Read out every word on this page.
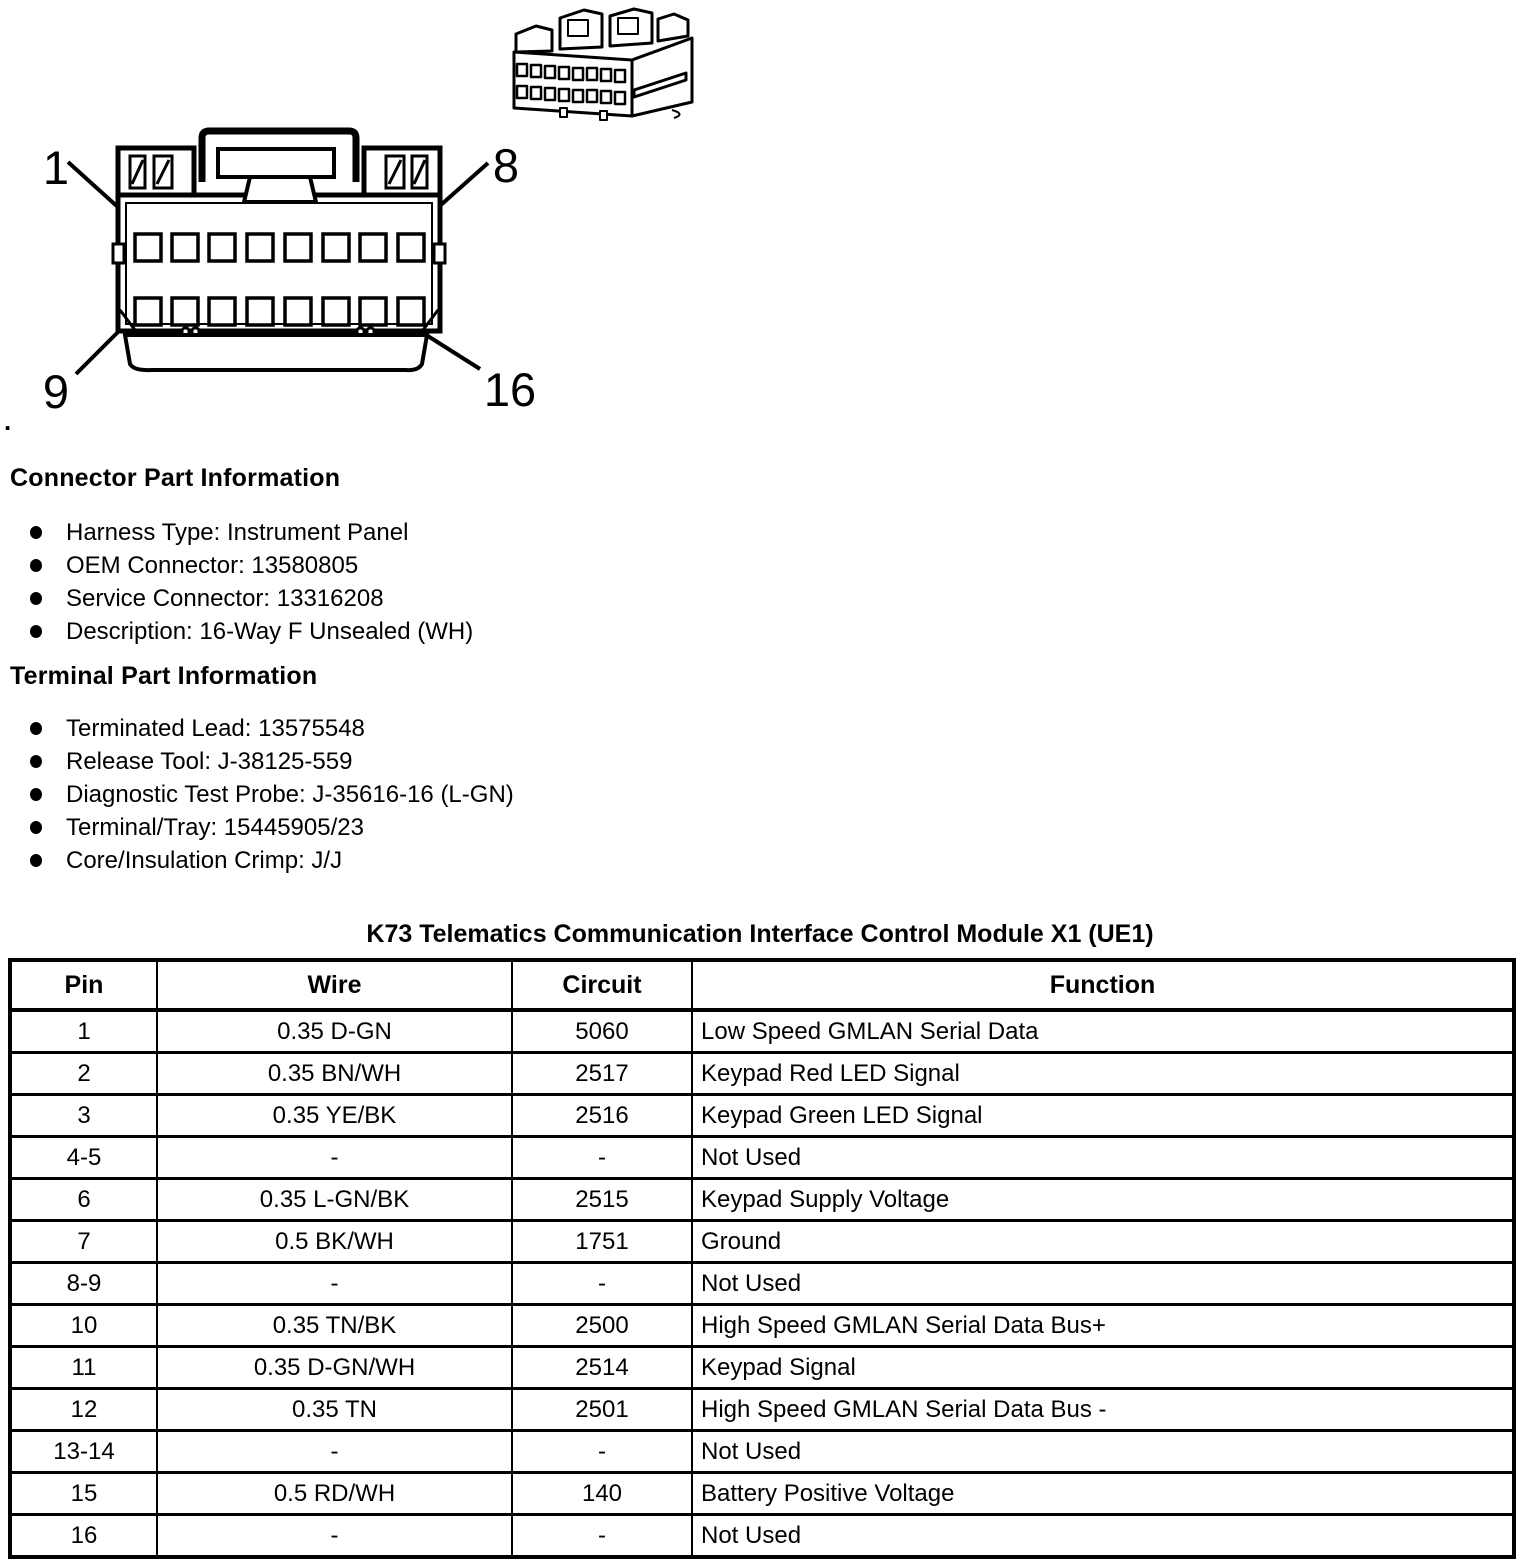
1	8
9	16
.
Connector Part Information
Harness Type: Instrument Panel
OEM Connector: 13580805
Service Connector: 13316208
Description: 16-Way F Unsealed (WH)
Terminal Part Information
Terminated Lead: 13575548
Release Tool: J-38125-559
Diagnostic Test Probe: J-35616-16 (L-GN)
Terminal/Tray: 15445905/23
Core/Insulation Crimp: J/J
K73 Telematics Communication Interface Control Module X1 (UE1)
Pin	Wire	Circuit	Function
1	0.35 D-GN	5060	Low Speed GMLAN Serial Data
2	0.35 BN/WH	2517	Keypad Red LED Signal
3	0.35 YE/BK	2516	Keypad Green LED Signal
4-5	-	-	Not Used
6	0.35 L-GN/BK	2515	Keypad Supply Voltage
7	0.5 BK/WH	1751	Ground
8-9	-	-	Not Used
10	0.35 TN/BK	2500	High Speed GMLAN Serial Data Bus+
11	0.35 D-GN/WH	2514	Keypad Signal
12	0.35 TN	2501	High Speed GMLAN Serial Data Bus -
13-14	-	-	Not Used
15	0.5 RD/WH	140	Battery Positive Voltage
16	-	-	Not Used
